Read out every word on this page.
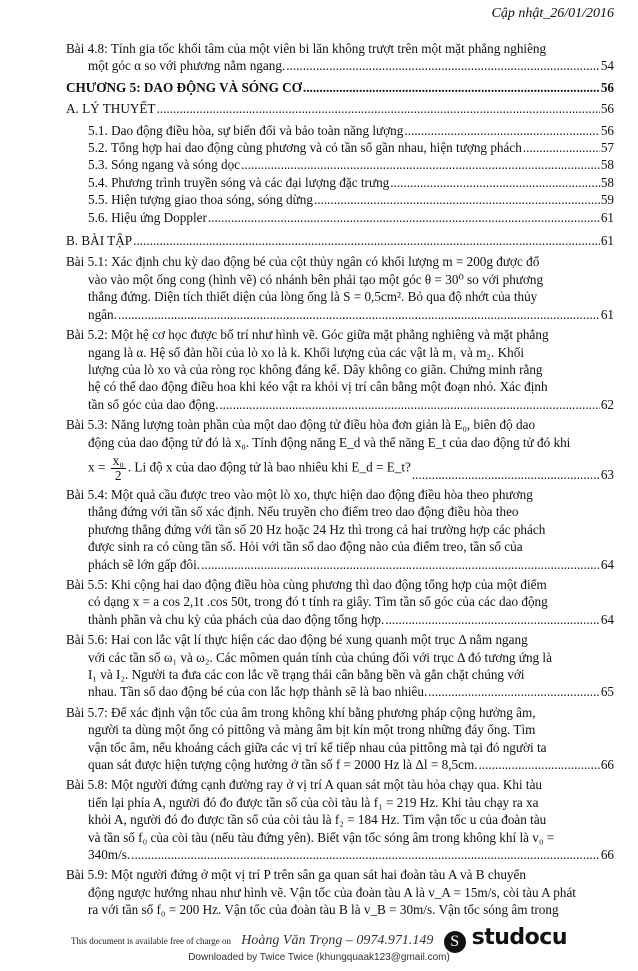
Cập nhật_26/01/2016
Bài 4.8: Tính gia tốc khối tâm của một viên bi lăn không trượt trên một mặt phẳng nghiêng
một góc α so với phương nằm ngang. .....	54
CHƯƠNG 5: DAO ĐỘNG VÀ SÓNG CƠ .....	56
A. LÝ THUYẾT .....	56
5.1. Dao động điều hòa, sự biến đổi và bảo toàn năng lượng .....	56
5.2. Tổng hợp hai dao động cùng phương và có tần số gần nhau, hiện tượng phách .....	57
5.3. Sóng ngang và sóng dọc .....	58
5.4. Phương trình truyền sóng và các đại lượng đặc trưng .....	58
5.5. Hiện tượng giao thoa sóng, sóng dừng .....	59
5.6. Hiệu ứng Doppler .....	61
B. BÀI TẬP .....	61
Bài 5.1: Xác định chu kỳ dao động bé của cột thủy ngân có khối lượng m = 200g được đổ
vào vào một ống cong (hình vẽ) có nhánh bên phải tạo một góc θ = 30⁰ so với phương
thẳng đứng. Diện tích thiết diện của lòng ống là S = 0,5cm². Bỏ qua độ nhớt của thủy
ngân. .....	61
Bài 5.2: Một hệ cơ học được bố trí như hình vẽ. Góc giữa mặt phẳng nghiêng và mặt phẳng
ngang là α. Hệ số đàn hồi của lò xo là k. Khối lượng của các vật là m₁ và m₂. Khối
lượng của lò xo và của ròng rọc không đáng kể. Dây không co giãn. Chứng minh rằng
hệ có thể dao động điều hoa khi kéo vật ra khỏi vị trí cân bằng một đoạn nhỏ. Xác định
tần số góc của dao động. .....	62
Bài 5.3: Năng lượng toàn phần của một dao động tử điều hòa đơn giản là E₀, biên độ dao
động của dao động tử đó là x₀. Tính động năng E_d và thế năng E_t của dao động tử đó khi
$x = \frac{\text{x₀}}{2}$ . Li độ x của dao động tử là bao nhiêu khi E_d = E_t? .....	63
Bài 5.4: Một quả cầu được treo vào một lò xo, thực hiện dao động điều hòa theo phương
thẳng đứng với tần số xác định. Nếu truyền cho điểm treo dao động điều hòa theo
phương thẳng đứng với tần số 20 Hz hoặc 24 Hz thì trong cả hai trường hợp các phách
được sinh ra có cùng tần số. Hỏi với tần số dao động nào của điểm treo, tần số của
phách sẽ lớn gấp đôi. .....	64
Bài 5.5: Khi cộng hai dao động điều hòa cùng phương thì dao động tổng hợp của một điểm
có dạng x = a cos 2,1t .cos 50t, trong đó t tính ra giây. Tìm tần số góc của các dao động
thành phần và chu kỳ của phách của dao động tổng hợp. .....	64
Bài 5.6: Hai con lắc vật lí thực hiện các dao động bé xung quanh một trục Δ nằm ngang
với các tần số ω₁ và ω₂. Các mômen quán tính của chúng đối với trục Δ đó tương ứng là
I₁ và I₂. Người ta đưa các con lắc về trạng thái cân bằng bền và gắn chặt chúng với
nhau. Tần số dao động bé của con lắc hợp thành sẽ là bao nhiêu. .....	65
Bài 5.7: Để xác định vận tốc của âm trong không khí bằng phương pháp cộng hưởng âm,
người ta dùng một ống có pittông và màng âm bịt kín một trong những đáy ống. Tìm
vận tốc âm, nếu khoảng cách giữa các vị trí kế tiếp nhau của pittông mà tại đó người ta
quan sát được hiện tượng cộng hưởng ở tần số f = 2000 Hz là Δl = 8,5cm. .....	66
Bài 5.8: Một người đứng cạnh đường ray ở vị trí A quan sát một tàu hỏa chạy qua. Khi tàu
tiến lại phía A, người đó đo được tần số của còi tàu là f₁ = 219 Hz. Khi tàu chạy ra xa
khỏi A, người đó đo được tần số của còi tàu là f₂ = 184 Hz. Tìm vận tốc u của đoàn tàu
và tần số f₀ của còi tàu (nếu tàu đứng yên). Biết vận tốc sóng âm trong không khí là v₀ =
340m/s. .....	66
Bài 5.9: Một người đứng ở một vị trí P trên sân ga quan sát hai đoàn tàu A và B chuyển
động ngược hướng nhau như hình vẽ. Vận tốc của đoàn tàu A là v_A = 15m/s, còi tàu A phát
ra với tần số f₀ = 200 Hz. Vận tốc của đoàn tàu B là v_B = 30m/s. Vận tốc sóng âm trong
This document is available free of charge on Hoàng Văn Trọng – 0974.971.149 S studocu
Downloaded by Twice Twice (khungquaak123@gmail.com)
